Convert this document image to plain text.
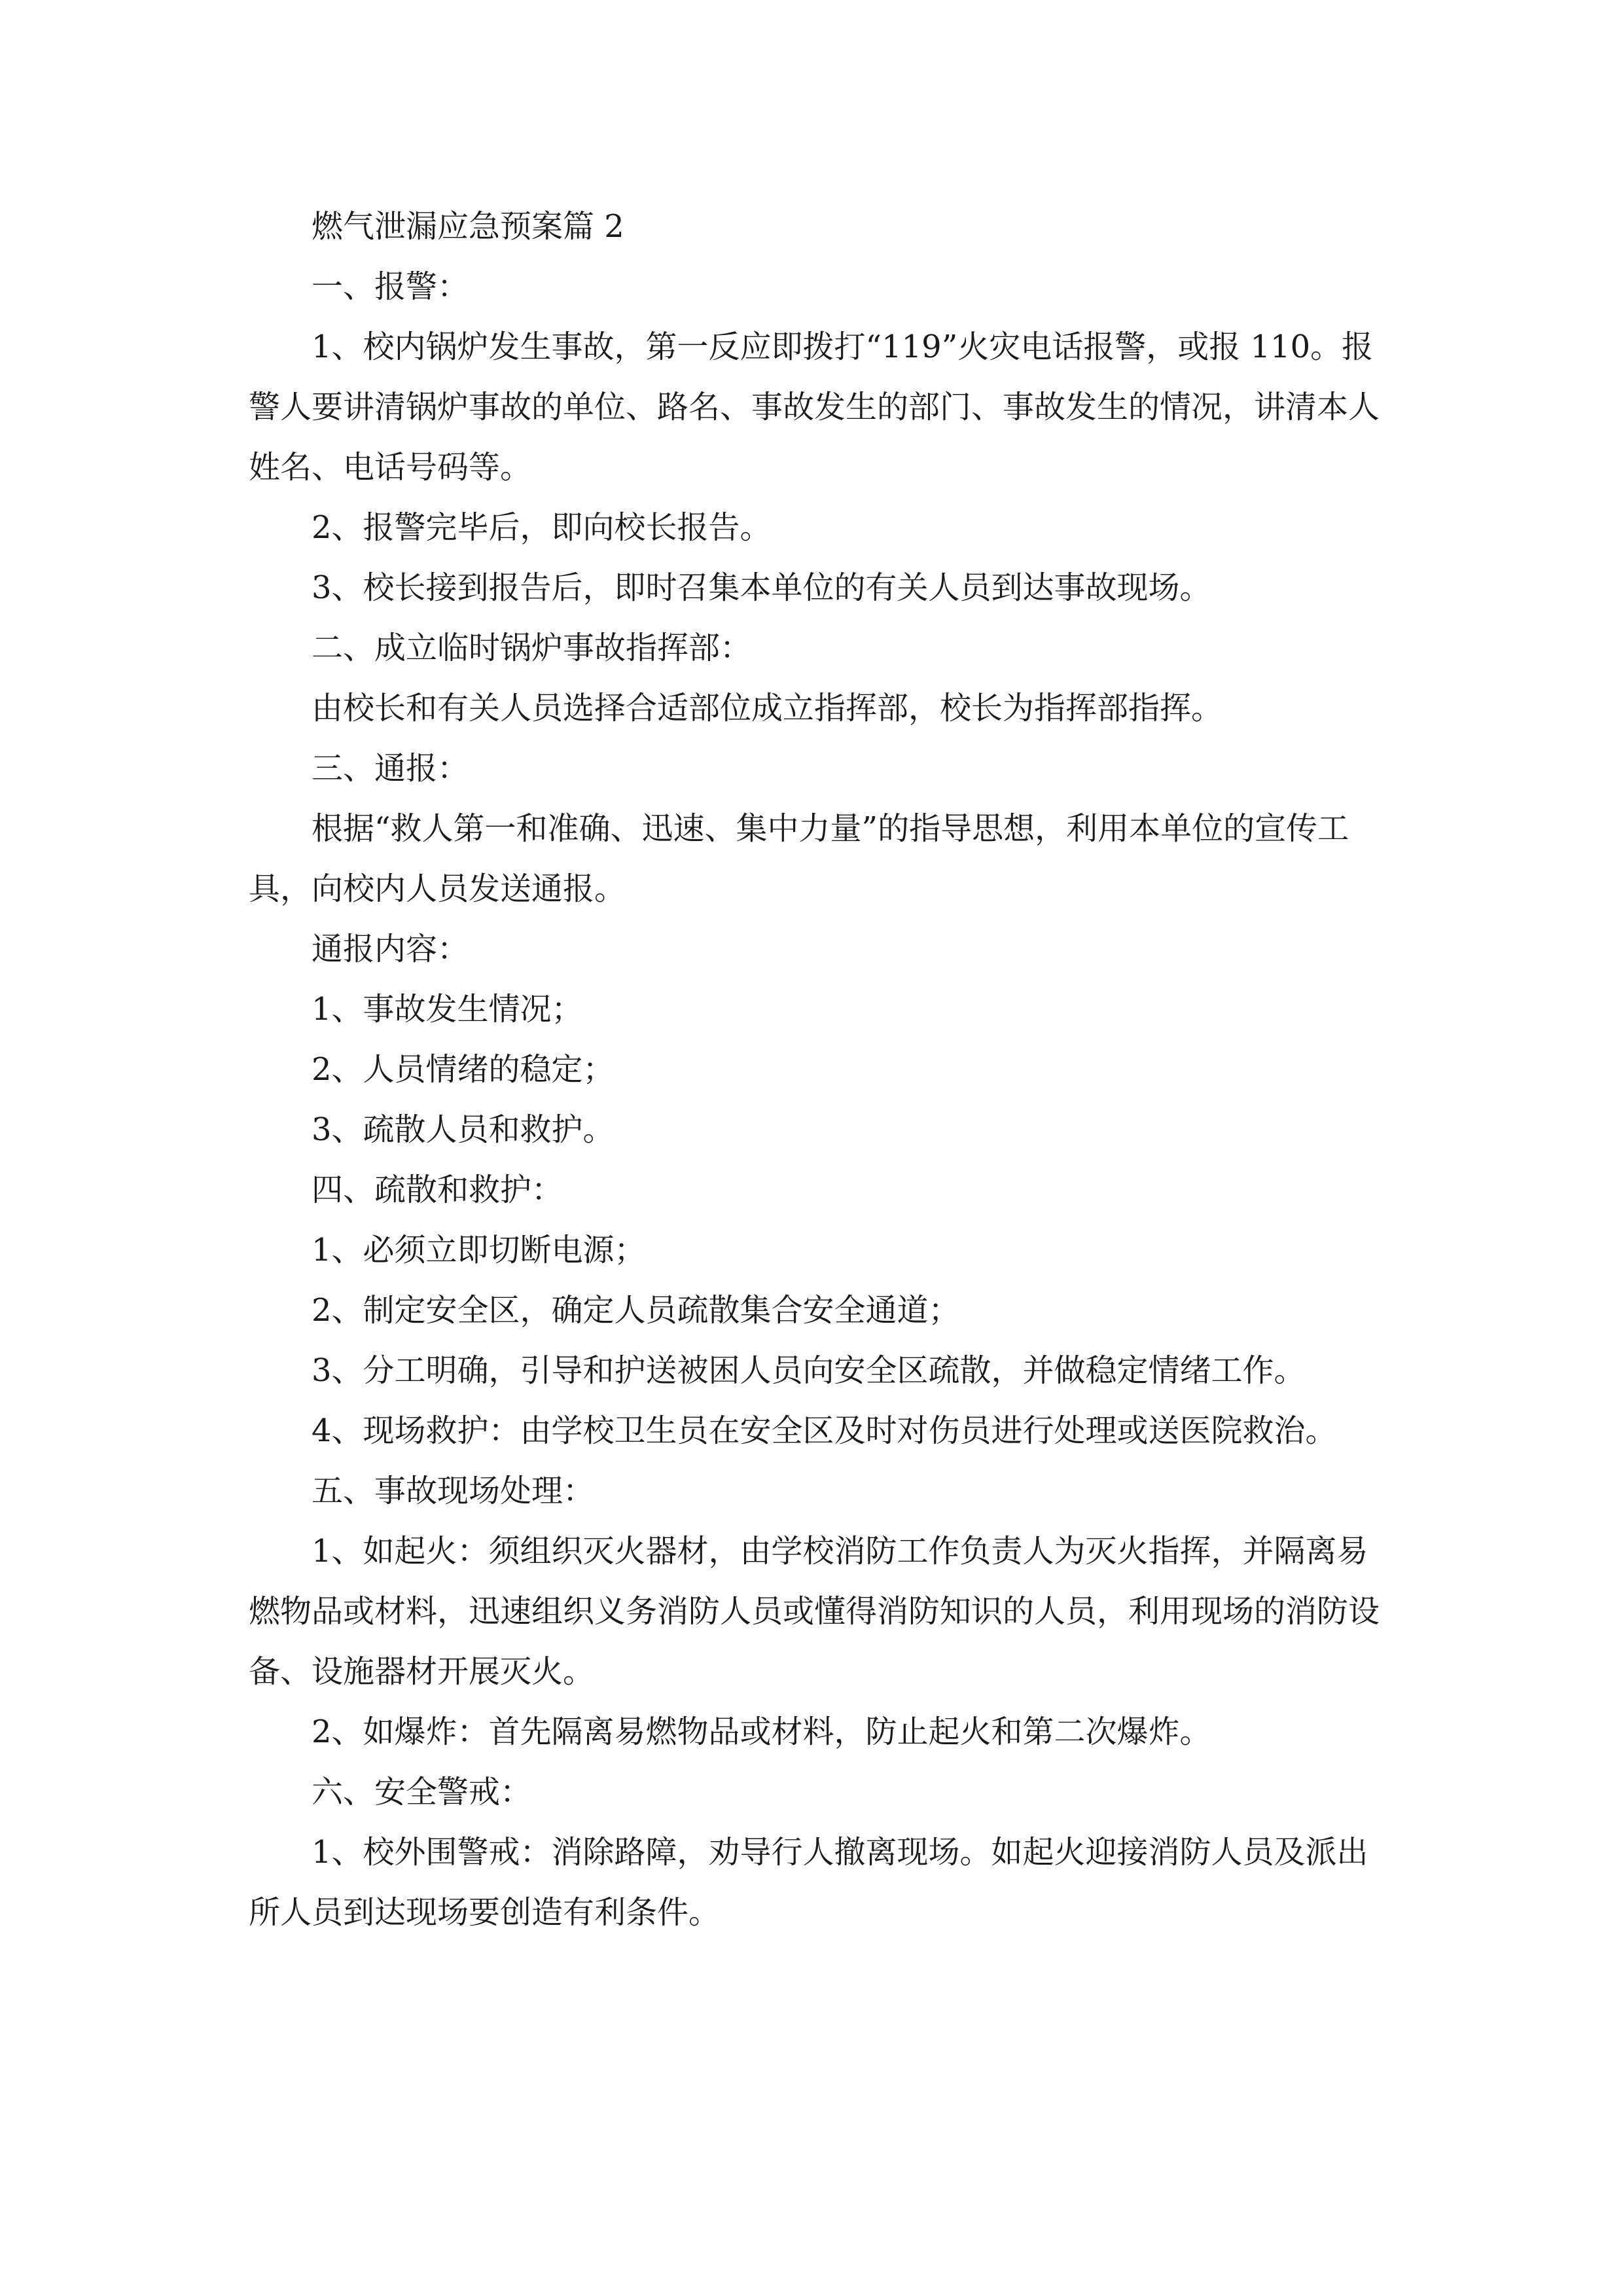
燃气泄漏应急预案篇 2

一、报警：

1、校内锅炉发生事故，第一反应即拨打“119”火灾电话报警，或报 110。报警人要讲清锅炉事故的单位、路名、事故发生的部门、事故发生的情况，讲清本人姓名、电话号码等。

2、报警完毕后，即向校长报告。

3、校长接到报告后，即时召集本单位的有关人员到达事故现场。

二、成立临时锅炉事故指挥部：

由校长和有关人员选择合适部位成立指挥部，校长为指挥部指挥。

三、通报：

根据“救人第一和准确、迅速、集中力量”的指导思想，利用本单位的宣传工具，向校内人员发送通报。

通报内容：

1、事故发生情况；

2、人员情绪的稳定；

3、疏散人员和救护。

四、疏散和救护：

1、必须立即切断电源；

2、制定安全区，确定人员疏散集合安全通道；

3、分工明确，引导和护送被困人员向安全区疏散，并做稳定情绪工作。

4、现场救护：由学校卫生员在安全区及时对伤员进行处理或送医院救治。

五、事故现场处理：

1、如起火：须组织灭火器材，由学校消防工作负责人为灭火指挥，并隔离易燃物品或材料，迅速组织义务消防人员或懂得消防知识的人员，利用现场的消防设备、设施器材开展灭火。

2、如爆炸：首先隔离易燃物品或材料，防止起火和第二次爆炸。

六、安全警戒：

1、校外围警戒：消除路障，劝导行人撤离现场。如起火迎接消防人员及派出所人员到达现场要创造有利条件。
